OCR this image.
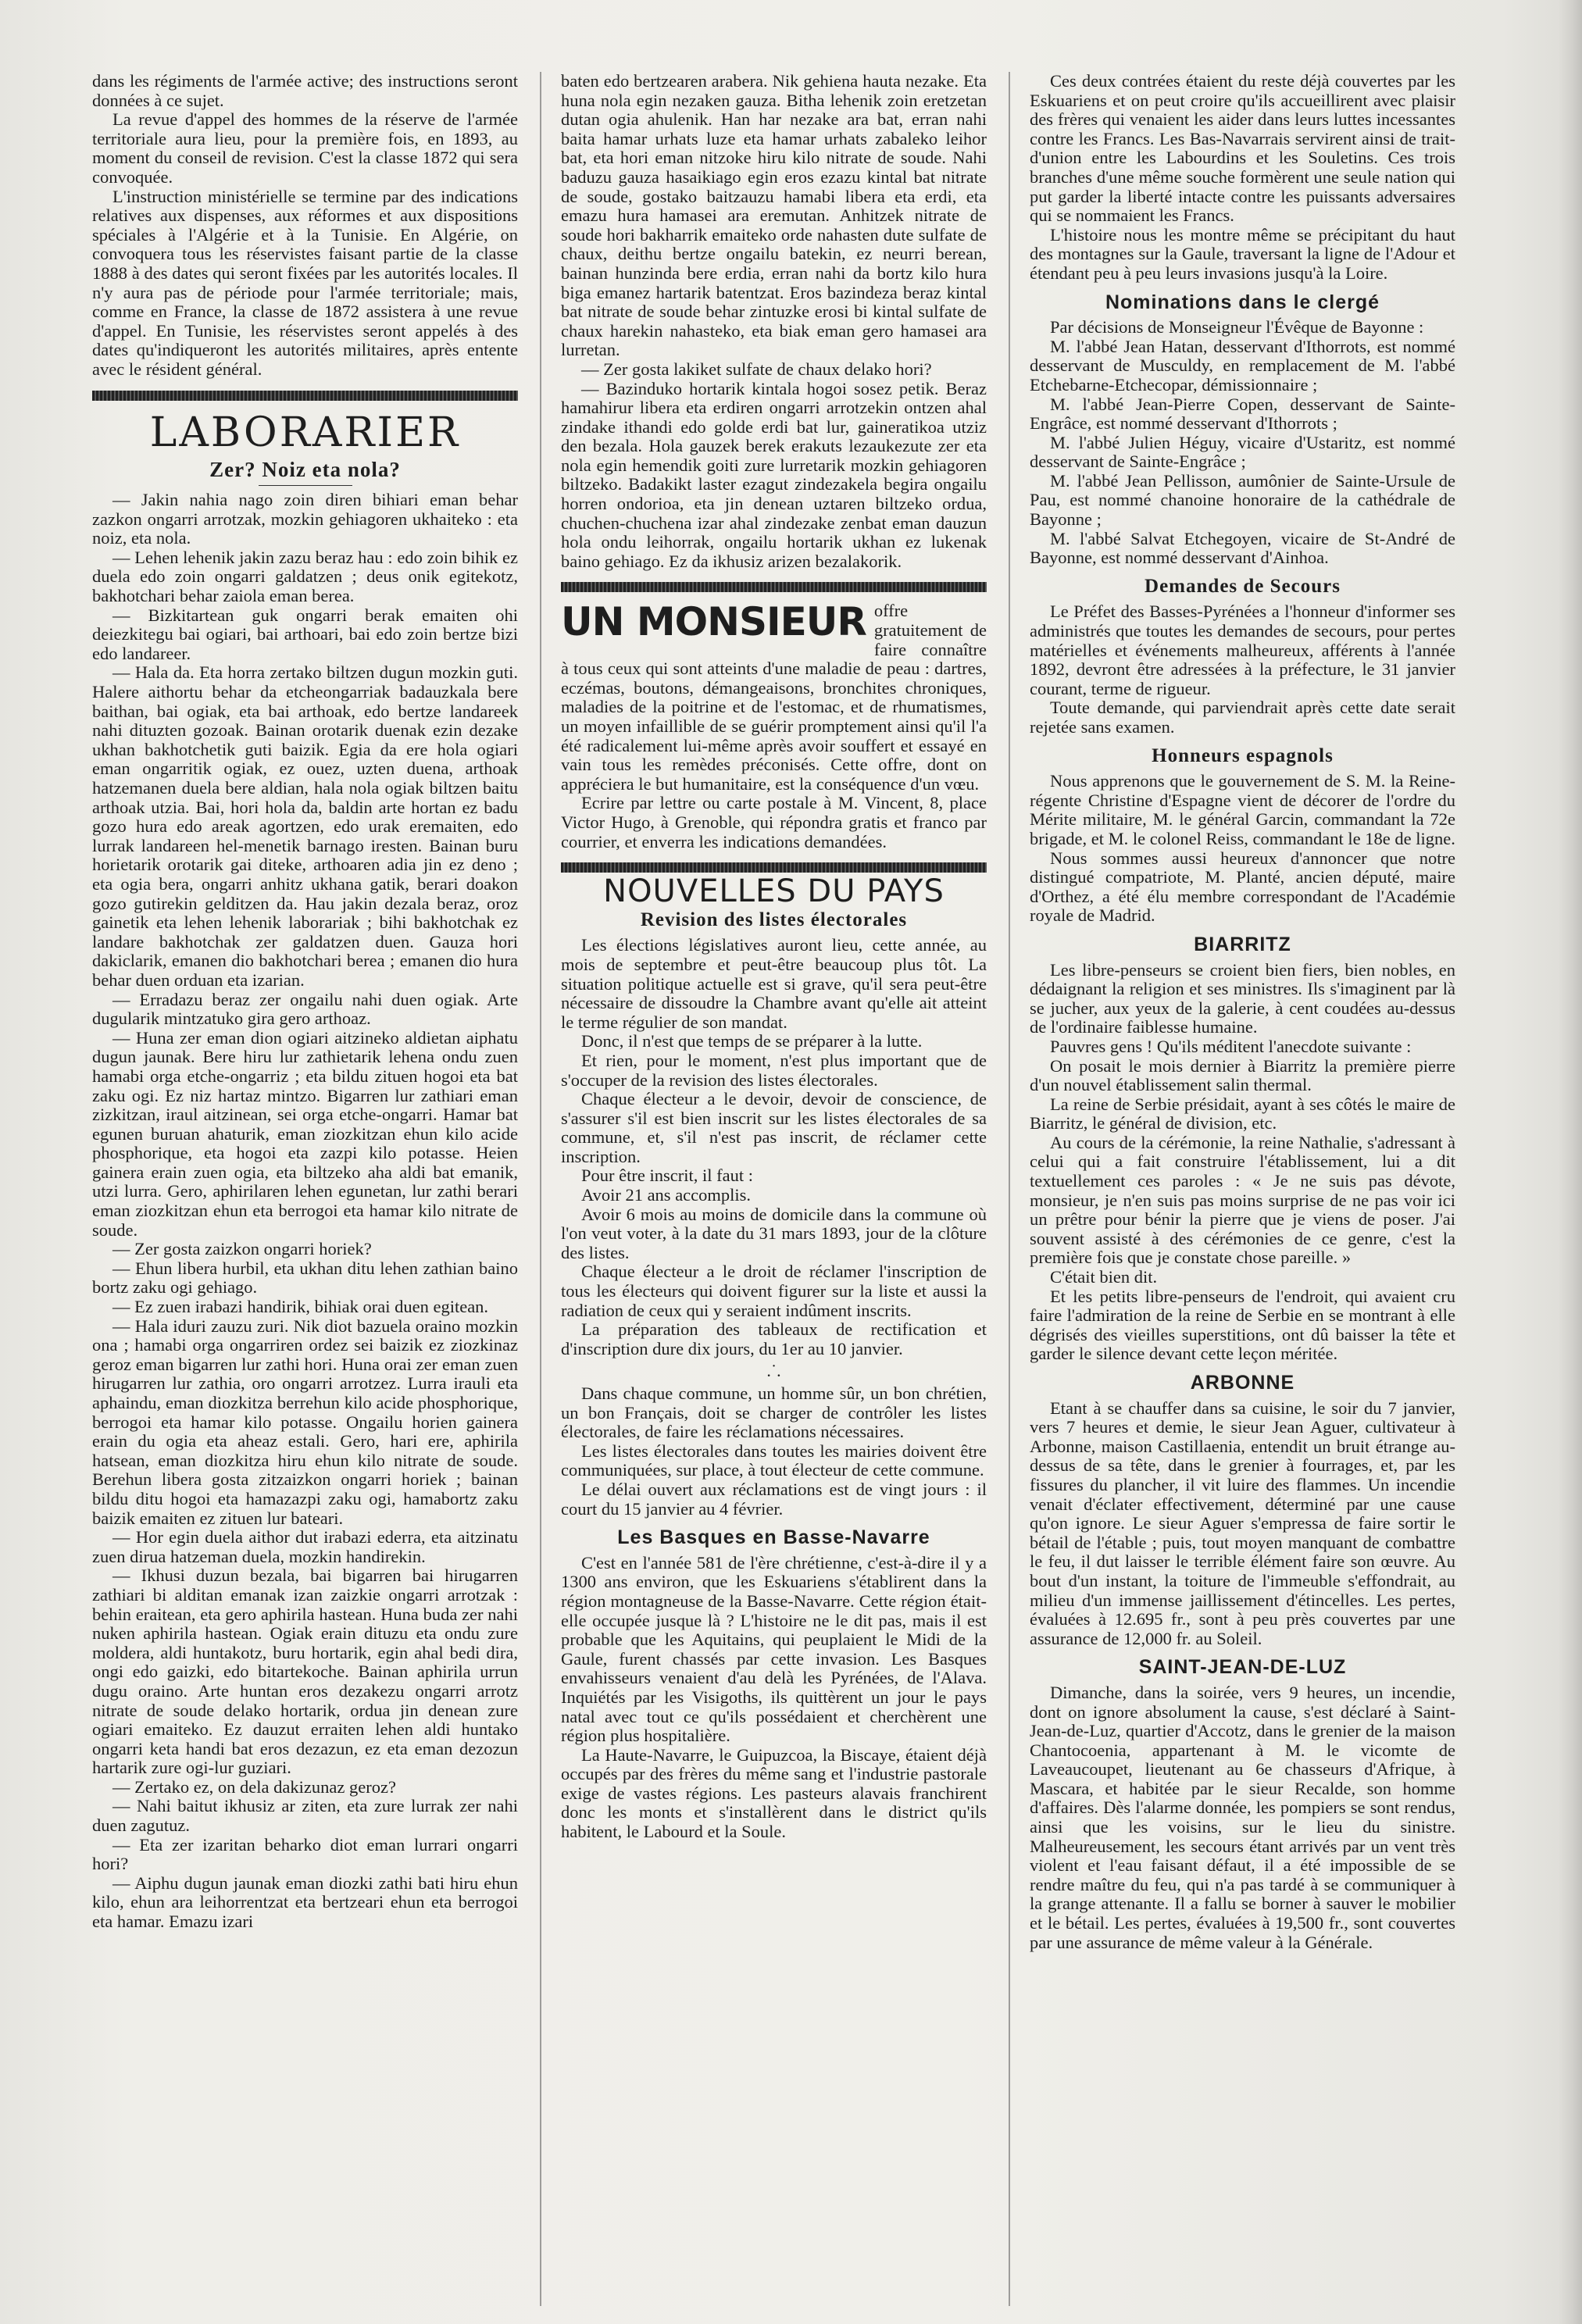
dans les régiments de l'armée active; des instructions seront données à ce sujet.

La revue d'appel des hommes de la réserve de l'armée territoriale aura lieu, pour la première fois, en 1893, au moment du conseil de revision. C'est la classe 1872 qui sera convoquée.

L'instruction ministérielle se termine par des indications relatives aux dispenses, aux réformes et aux dispositions spéciales à l'Algérie et à la Tunisie. En Algérie, on convoquera tous les réservistes faisant partie de la classe 1888 à des dates qui seront fixées par les autorités locales. Il n'y aura pas de période pour l'armée territoriale; mais, comme en France, la classe de 1872 assistera à une revue d'appel. En Tunisie, les réservistes seront appelés à des dates qu'indiqueront les autorités militaires, après entente avec le résident général.

LABORARIER
Zer? Noiz eta nola?

— Jakin nahia nago zoin diren bihiari eman behar zazkon ongarri arrotzak, mozkin gehiagoren ukhaiteko : eta noiz, eta nola.

— Lehen lehenik jakin zazu beraz hau : edo zoin bihik ez duela edo zoin ongarri galdatzen ; deus onik egitekotz, bakhotchari behar zaiola eman berea.

— Bizkitartean guk ongarri berak emaiten ohi deiezkitegu bai ogiari, bai arthoari, bai edo zoin bertze bizi edo landareer.

— Hala da. Eta horra zertako biltzen dugun mozkin guti. Halere aithortu behar da etcheongarriak badauzkala bere baithan, bai ogiak, eta bai arthoak, edo bertze landareek nahi dituzten gozoak. Bainan orotarik duenak ezin dezake ukhan bakhotchetik guti baizik. Egia da ere hola ogiari eman ongarritik ogiak, ez ouez, uzten duena, arthoak hatzemanen duela bere aldian, hala nola ogiak biltzen baitu arthoak utzia. Bai, hori hola da, baldin arte hortan ez badu gozo hura edo areak agortzen, edo urak eremaiten, edo lurrak landareen hel-menetik barnago iresten. Bainan buru horietarik orotarik gai diteke, arthoaren adia jin ez deno ; eta ogia bera, ongarri anhitz ukhana gatik, berari doakon gozo gutirekin gelditzen da. Hau jakin dezala beraz, oroz gainetik eta lehen lehenik laborariak ; bihi bakhotchak ez landare bakhotchak zer galdatzen duen. Gauza hori dakiclarik, emanen dio bakhotchari berea ; emanen dio hura behar duen orduan eta izarian.

— Erradazu beraz zer ongailu nahi duen ogiak. Arte dugularik mintzatuko gira gero arthoaz.

— Huna zer eman dion ogiari aitzineko aldietan aiphatu dugun jaunak. Bere hiru lur zathietarik lehena ondu zuen hamabi orga etche-ongarriz ; eta bildu zituen hogoi eta bat zaku ogi. Ez niz hartaz mintzo. Bigarren lur zathiari eman zizkitzan, iraul aitzinean, sei orga etche-ongarri. Hamar bat egunen buruan ahaturik, eman ziozkitzan ehun kilo acide phosphorique, eta hogoi eta zazpi kilo potasse. Heien gainera erain zuen ogia, eta biltzeko aha aldi bat emanik, utzi lurra. Gero, aphirilaren lehen egunetan, lur zathi berari eman ziozkitzan ehun eta berrogoi eta hamar kilo nitrate de soude.

— Zer gosta zaizkon ongarri horiek?

— Ehun libera hurbil, eta ukhan ditu lehen zathian baino bortz zaku ogi gehiago.

— Ez zuen irabazi handirik, bihiak orai duen egitean.

— Hala iduri zauzu zuri. Nik diot bazuela oraino mozkin ona ; hamabi orga ongarriren ordez sei baizik ez ziozkinaz geroz eman bigarren lur zathi hori. Huna orai zer eman zuen hirugarren lur zathia, oro ongarri arrotzez. Lurra irauli eta aphaindu, eman diozkitza berrehun kilo acide phosphorique, berrogoi eta hamar kilo potasse. Ongailu horien gainera erain du ogia eta aheaz estali. Gero, hari ere, aphirila hatsean, eman diozkitza hiru ehun kilo nitrate de soude. Berehun libera gosta zitzaizkon ongarri horiek ; bainan bildu ditu hogoi eta hamazazpi zaku ogi, hamabortz zaku baizik emaiten ez zituen lur bateari.

— Hor egin duela aithor dut irabazi ederra, eta aitzinatu zuen dirua hatzeman duela, mozkin handirekin.

— Ikhusi duzun bezala, bai bigarren bai hirugarren zathiari bi alditan emanak izan zaizkie ongarri arrotzak : behin eraitean, eta gero aphirila hastean. Huna buda zer nahi nuken aphirila hastean. Ogiak erain dituzu eta ondu zure moldera, aldi huntakotz, buru hortarik, egin ahal bedi dira, ongi edo gaizki, edo bitartekoche. Bainan aphirila urrun dugu oraino. Arte huntan eros dezakezu ongarri arrotz nitrate de soude delako hortarik, ordua jin denean zure ogiari emaiteko. Ez dauzut erraiten lehen aldi huntako ongarri keta handi bat eros dezazun, ez eta eman dezozun hartarik zure ogi-lur guziari.

— Zertako ez, on dela dakizunaz geroz?

— Nahi baitut ikhusiz ar ziten, eta zure lurrak zer nahi duen zagutuz.

— Eta zer izaritan beharko diot eman lurrari ongarri hori?

— Aiphu dugun jaunak eman diozki zathi bati hiru ehun kilo, ehun ara leihorrentzat eta bertzeari ehun eta berrogoi eta hamar. Emazu izari

baten edo bertzearen arabera. Nik gehiena hauta nezake. Eta huna nola egin nezaken gauza. Bitha lehenik zoin eretzetan dutan ogia ahulenik. Han har nezake ara bat, erran nahi baita hamar urhats luze eta hamar urhats zabaleko leihor bat, eta hori eman nitzoke hiru kilo nitrate de soude. Nahi baduzu gauza hasaikiago egin eros ezazu kintal bat nitrate de soude, gostako baitzauzu hamabi libera eta erdi, eta emazu hura hamasei ara eremutan. Anhitzek nitrate de soude hori bakharrik emaiteko orde nahasten dute sulfate de chaux, deithu bertze ongailu batekin, ez neurri berean, bainan hunzinda bere erdia, erran nahi da bortz kilo hura biga emanez hartarik batentzat. Eros bazindeza beraz kintal bat nitrate de soude behar zintuzke erosi bi kintal sulfate de chaux harekin nahasteko, eta biak eman gero hamasei ara lurretan.

— Zer gosta lakiket sulfate de chaux delako hori?

— Bazinduko hortarik kintala hogoi sosez petik. Beraz hamahirur libera eta erdiren ongarri arrotzekin ontzen ahal zindake ithandi edo golde erdi bat lur, gaineratikoa utziz den bezala. Hola gauzek berek erakuts lezaukezute zer eta nola egin hemendik goiti zure lurretarik mozkin gehiagoren biltzeko. Badakikt laster ezagut zindezakela begira ongailu horren ondorioa, eta jin denean uztaren biltzeko ordua, chuchen-chuchena izar ahal zindezake zenbat eman dauzun hola ondu leihorrak, ongailu hortarik ukhan ez lukenak baino gehiago. Ez da ikhusiz arizen bezalakorik.

UN MONSIEUR offre gratuitement de faire connaître à tous ceux qui sont atteints d'une maladie de peau : dartres, eczémas, boutons, démangeaisons, bronchites chroniques, maladies de la poitrine et de l'estomac, et de rhumatismes, un moyen infaillible de se guérir promptement ainsi qu'il l'a été radicalement lui-même après avoir souffert et essayé en vain tous les remèdes préconisés. Cette offre, dont on appréciera le but humanitaire, est la conséquence d'un vœu.

Ecrire par lettre ou carte postale à M. Vincent, 8, place Victor Hugo, à Grenoble, qui répondra gratis et franco par courrier, et enverra les indications demandées.

NOUVELLES DU PAYS
Revision des listes électorales

Les élections législatives auront lieu, cette année, au mois de septembre et peut-être beaucoup plus tôt. La situation politique actuelle est si grave, qu'il sera peut-être nécessaire de dissoudre la Chambre avant qu'elle ait atteint le terme régulier de son mandat.

Donc, il n'est que temps de se préparer à la lutte.

Et rien, pour le moment, n'est plus important que de s'occuper de la revision des listes électorales.

Chaque électeur a le devoir, devoir de conscience, de s'assurer s'il est bien inscrit sur les listes électorales de sa commune, et, s'il n'est pas inscrit, de réclamer cette inscription.

Pour être inscrit, il faut :

Avoir 21 ans accomplis.

Avoir 6 mois au moins de domicile dans la commune où l'on veut voter, à la date du 31 mars 1893, jour de la clôture des listes.

Chaque électeur a le droit de réclamer l'inscription de tous les électeurs qui doivent figurer sur la liste et aussi la radiation de ceux qui y seraient indûment inscrits.

La préparation des tableaux de rectification et d'inscription dure dix jours, du 1er au 10 janvier.

.˙.

Dans chaque commune, un homme sûr, un bon chrétien, un bon Français, doit se charger de contrôler les listes électorales, de faire les réclamations nécessaires.

Les listes électorales dans toutes les mairies doivent être communiquées, sur place, à tout électeur de cette commune.

Le délai ouvert aux réclamations est de vingt jours : il court du 15 janvier au 4 février.

Les Basques en Basse-Navarre

C'est en l'année 581 de l'ère chrétienne, c'est-à-dire il y a 1300 ans environ, que les Eskuariens s'établirent dans la région montagneuse de la Basse-Navarre. Cette région était-elle occupée jusque là ? L'histoire ne le dit pas, mais il est probable que les Aquitains, qui peuplaient le Midi de la Gaule, furent chassés par cette invasion. Les Basques envahisseurs venaient d'au delà les Pyrénées, de l'Alava. Inquiétés par les Visigoths, ils quittèrent un jour le pays natal avec tout ce qu'ils possédaient et cherchèrent une région plus hospitalière.

La Haute-Navarre, le Guipuzcoa, la Biscaye, étaient déjà occupés par des frères du même sang et l'industrie pastorale exige de vastes régions. Les pasteurs alavais franchirent donc les monts et s'installèrent dans le district qu'ils habitent, le Labourd et la Soule.

Ces deux contrées étaient du reste déjà couvertes par les Eskuariens et on peut croire qu'ils accueillirent avec plaisir des frères qui venaient les aider dans leurs luttes incessantes contre les Francs. Les Bas-Navarrais servirent ainsi de trait-d'union entre les Labourdins et les Souletins. Ces trois branches d'une même souche formèrent une seule nation qui put garder la liberté intacte contre les puissants adversaires qui se nommaient les Francs.

L'histoire nous les montre même se précipitant du haut des montagnes sur la Gaule, traversant la ligne de l'Adour et étendant peu à peu leurs invasions jusqu'à la Loire.

Nominations dans le clergé

Par décisions de Monseigneur l'Évêque de Bayonne :

M. l'abbé Jean Hatan, desservant d'Ithorrots, est nommé desservant de Musculdy, en remplacement de M. l'abbé Etchebarne-Etchecopar, démissionnaire ;

M. l'abbé Jean-Pierre Copen, desservant de Sainte-Engrâce, est nommé desservant d'Ithorrots ;

M. l'abbé Julien Héguy, vicaire d'Ustaritz, est nommé desservant de Sainte-Engrâce ;

M. l'abbé Jean Pellisson, aumônier de Sainte-Ursule de Pau, est nommé chanoine honoraire de la cathédrale de Bayonne ;

M. l'abbé Salvat Etchegoyen, vicaire de St-André de Bayonne, est nommé desservant d'Ainhoa.

Demandes de Secours

Le Préfet des Basses-Pyrénées a l'honneur d'informer ses administrés que toutes les demandes de secours, pour pertes matérielles et événements malheureux, afférents à l'année 1892, devront être adressées à la préfecture, le 31 janvier courant, terme de rigueur.

Toute demande, qui parviendrait après cette date serait rejetée sans examen.

Honneurs espagnols

Nous apprenons que le gouvernement de S. M. la Reine-régente Christine d'Espagne vient de décorer de l'ordre du Mérite militaire, M. le général Garcin, commandant la 72e brigade, et M. le colonel Reiss, commandant le 18e de ligne.

Nous sommes aussi heureux d'annoncer que notre distingué compatriote, M. Planté, ancien député, maire d'Orthez, a été élu membre correspondant de l'Académie royale de Madrid.

BIARRITZ

Les libre-penseurs se croient bien fiers, bien nobles, en dédaignant la religion et ses ministres. Ils s'imaginent par là se jucher, aux yeux de la galerie, à cent coudées au-dessus de l'ordinaire faiblesse humaine.

Pauvres gens ! Qu'ils méditent l'anecdote suivante :

On posait le mois dernier à Biarritz la première pierre d'un nouvel établissement salin thermal.

La reine de Serbie présidait, ayant à ses côtés le maire de Biarritz, le général de division, etc.

Au cours de la cérémonie, la reine Nathalie, s'adressant à celui qui a fait construire l'établissement, lui a dit textuellement ces paroles : « Je ne suis pas dévote, monsieur, je n'en suis pas moins surprise de ne pas voir ici un prêtre pour bénir la pierre que je viens de poser. J'ai souvent assisté à des cérémonies de ce genre, c'est la première fois que je constate chose pareille. »

C'était bien dit.

Et les petits libre-penseurs de l'endroit, qui avaient cru faire l'admiration de la reine de Serbie en se montrant à elle dégrisés des vieilles superstitions, ont dû baisser la tête et garder le silence devant cette leçon méritée.

ARBONNE

Etant à se chauffer dans sa cuisine, le soir du 7 janvier, vers 7 heures et demie, le sieur Jean Aguer, cultivateur à Arbonne, maison Castillaenia, entendit un bruit étrange au-dessus de sa tête, dans le grenier à fourrages, et, par les fissures du plancher, il vit luire des flammes. Un incendie venait d'éclater effectivement, déterminé par une cause qu'on ignore. Le sieur Aguer s'empressa de faire sortir le bétail de l'étable ; puis, tout moyen manquant de combattre le feu, il dut laisser le terrible élément faire son œuvre. Au bout d'un instant, la toiture de l'immeuble s'effondrait, au milieu d'un immense jaillissement d'étincelles. Les pertes, évaluées à 12.695 fr., sont à peu près couvertes par une assurance de 12,000 fr. au Soleil.

SAINT-JEAN-DE-LUZ

Dimanche, dans la soirée, vers 9 heures, un incendie, dont on ignore absolument la cause, s'est déclaré à Saint-Jean-de-Luz, quartier d'Accotz, dans le grenier de la maison Chantocoenia, appartenant à M. le vicomte de Laveaucoupet, lieutenant au 6e chasseurs d'Afrique, à Mascara, et habitée par le sieur Recalde, son homme d'affaires. Dès l'alarme donnée, les pompiers se sont rendus, ainsi que les voisins, sur le lieu du sinistre. Malheureusement, les secours étant arrivés par un vent très violent et l'eau faisant défaut, il a été impossible de se rendre maître du feu, qui n'a pas tardé à se communiquer à la grange attenante. Il a fallu se borner à sauver le mobilier et le bétail. Les pertes, évaluées à 19,500 fr., sont couvertes par une assurance de même valeur à la Générale.
